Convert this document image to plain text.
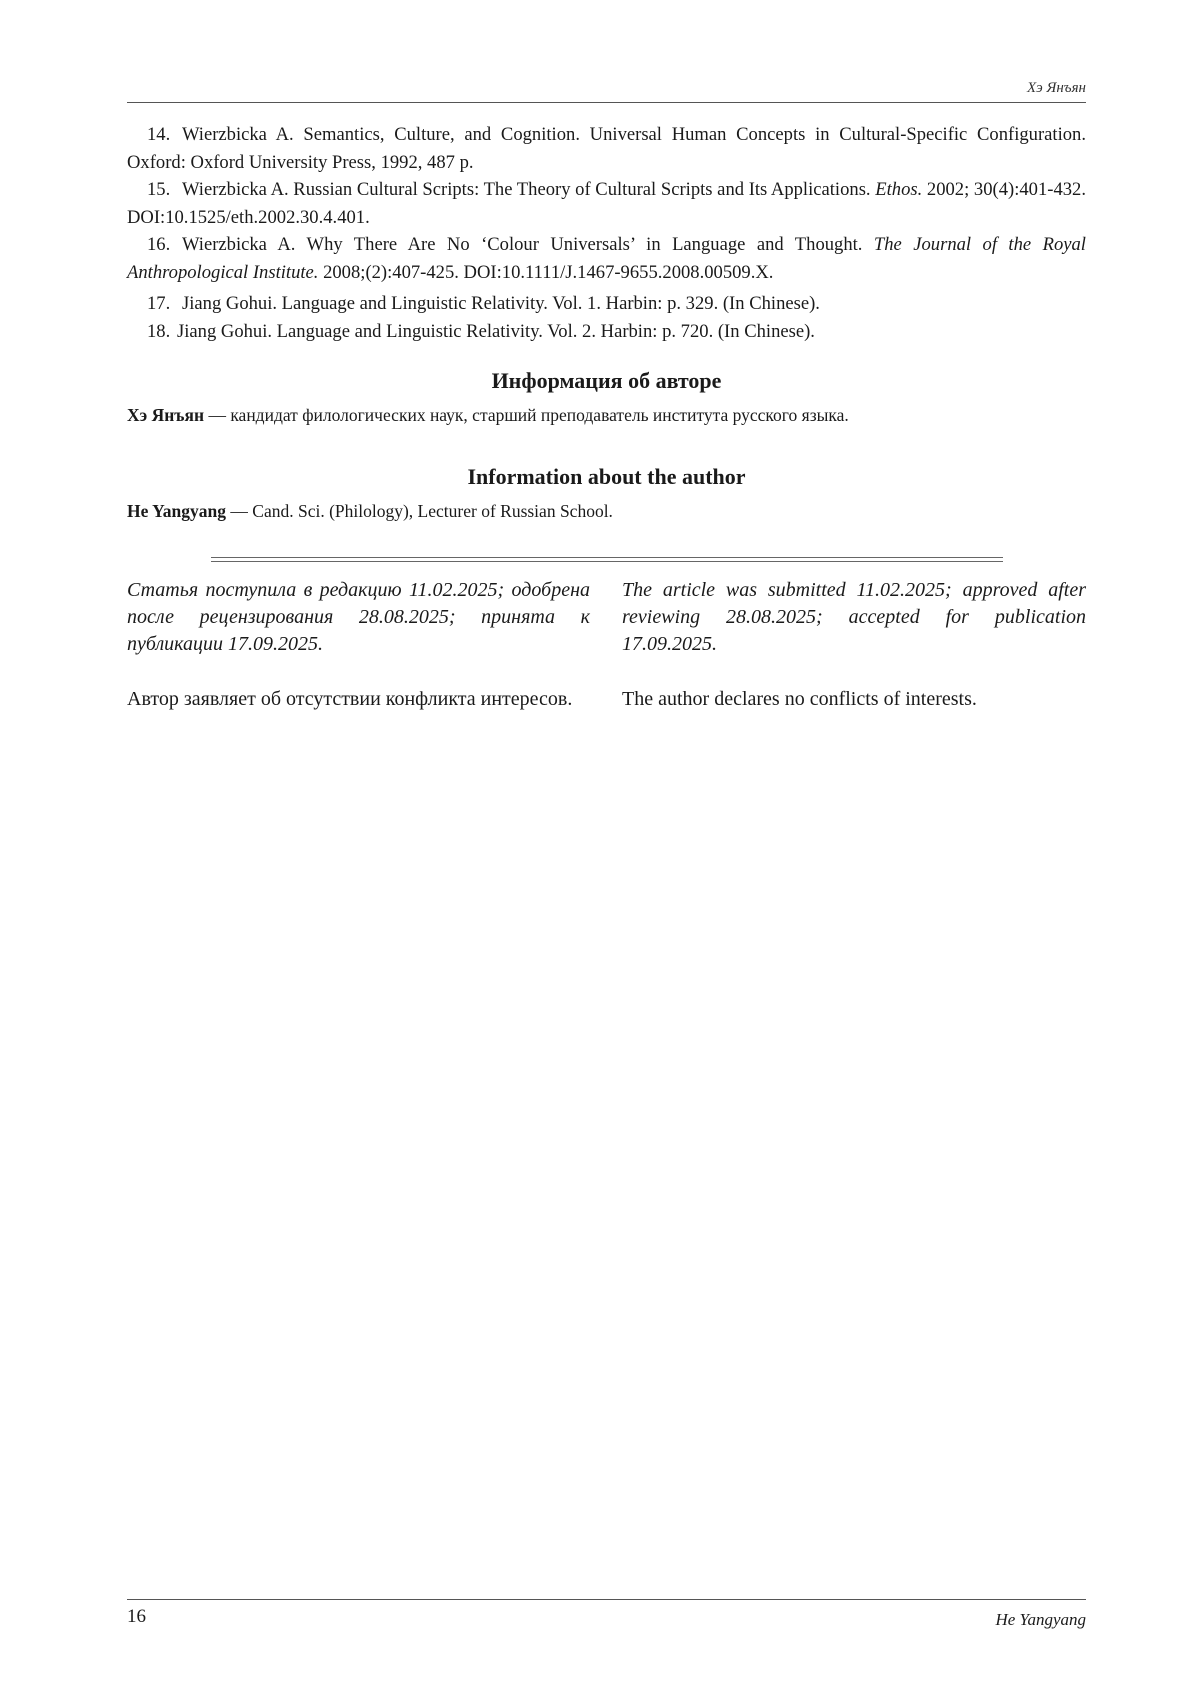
Хэ Янъян

14. Wierzbicka A. Semantics, Culture, and Cognition. Universal Human Concepts in Cultural-Specific Configuration. Oxford: Oxford University Press, 1992, 487 p.

15. Wierzbicka A. Russian Cultural Scripts: The Theory of Cultural Scripts and Its Applications. Ethos. 2002; 30(4):401-432. DOI:10.1525/eth.2002.30.4.401.

16. Wierzbicka A. Why There Are No ‘Colour Universals’ in Language and Thought. The Journal of the Royal Anthropological Institute. 2008;(2):407-425. DOI:10.1111/J.1467-9655.2008.00509.X.

17. Jiang Gohui. Language and Linguistic Relativity. Vol. 1. Harbin: p. 329. (In Chinese).

18. Jiang Gohui. Language and Linguistic Relativity. Vol. 2. Harbin: p. 720. (In Chinese).

Информация об авторе
Хэ Янъян — кандидат филологических наук, старший преподаватель института русского языка.
Information about the author
He Yangyang — Cand. Sci. (Philology), Lecturer of Russian School.
Статья поступила в редакцию 11.02.2025; одобрена после рецензирования 28.08.2025; принята к публикации 17.09.2025.
The article was submitted 11.02.2025; approved after reviewing 28.08.2025; accepted for publication 17.09.2025.
Автор заявляет об отсутствии конфликта интересов.	The author declares no conflicts of interests.
16	He Yangyang
